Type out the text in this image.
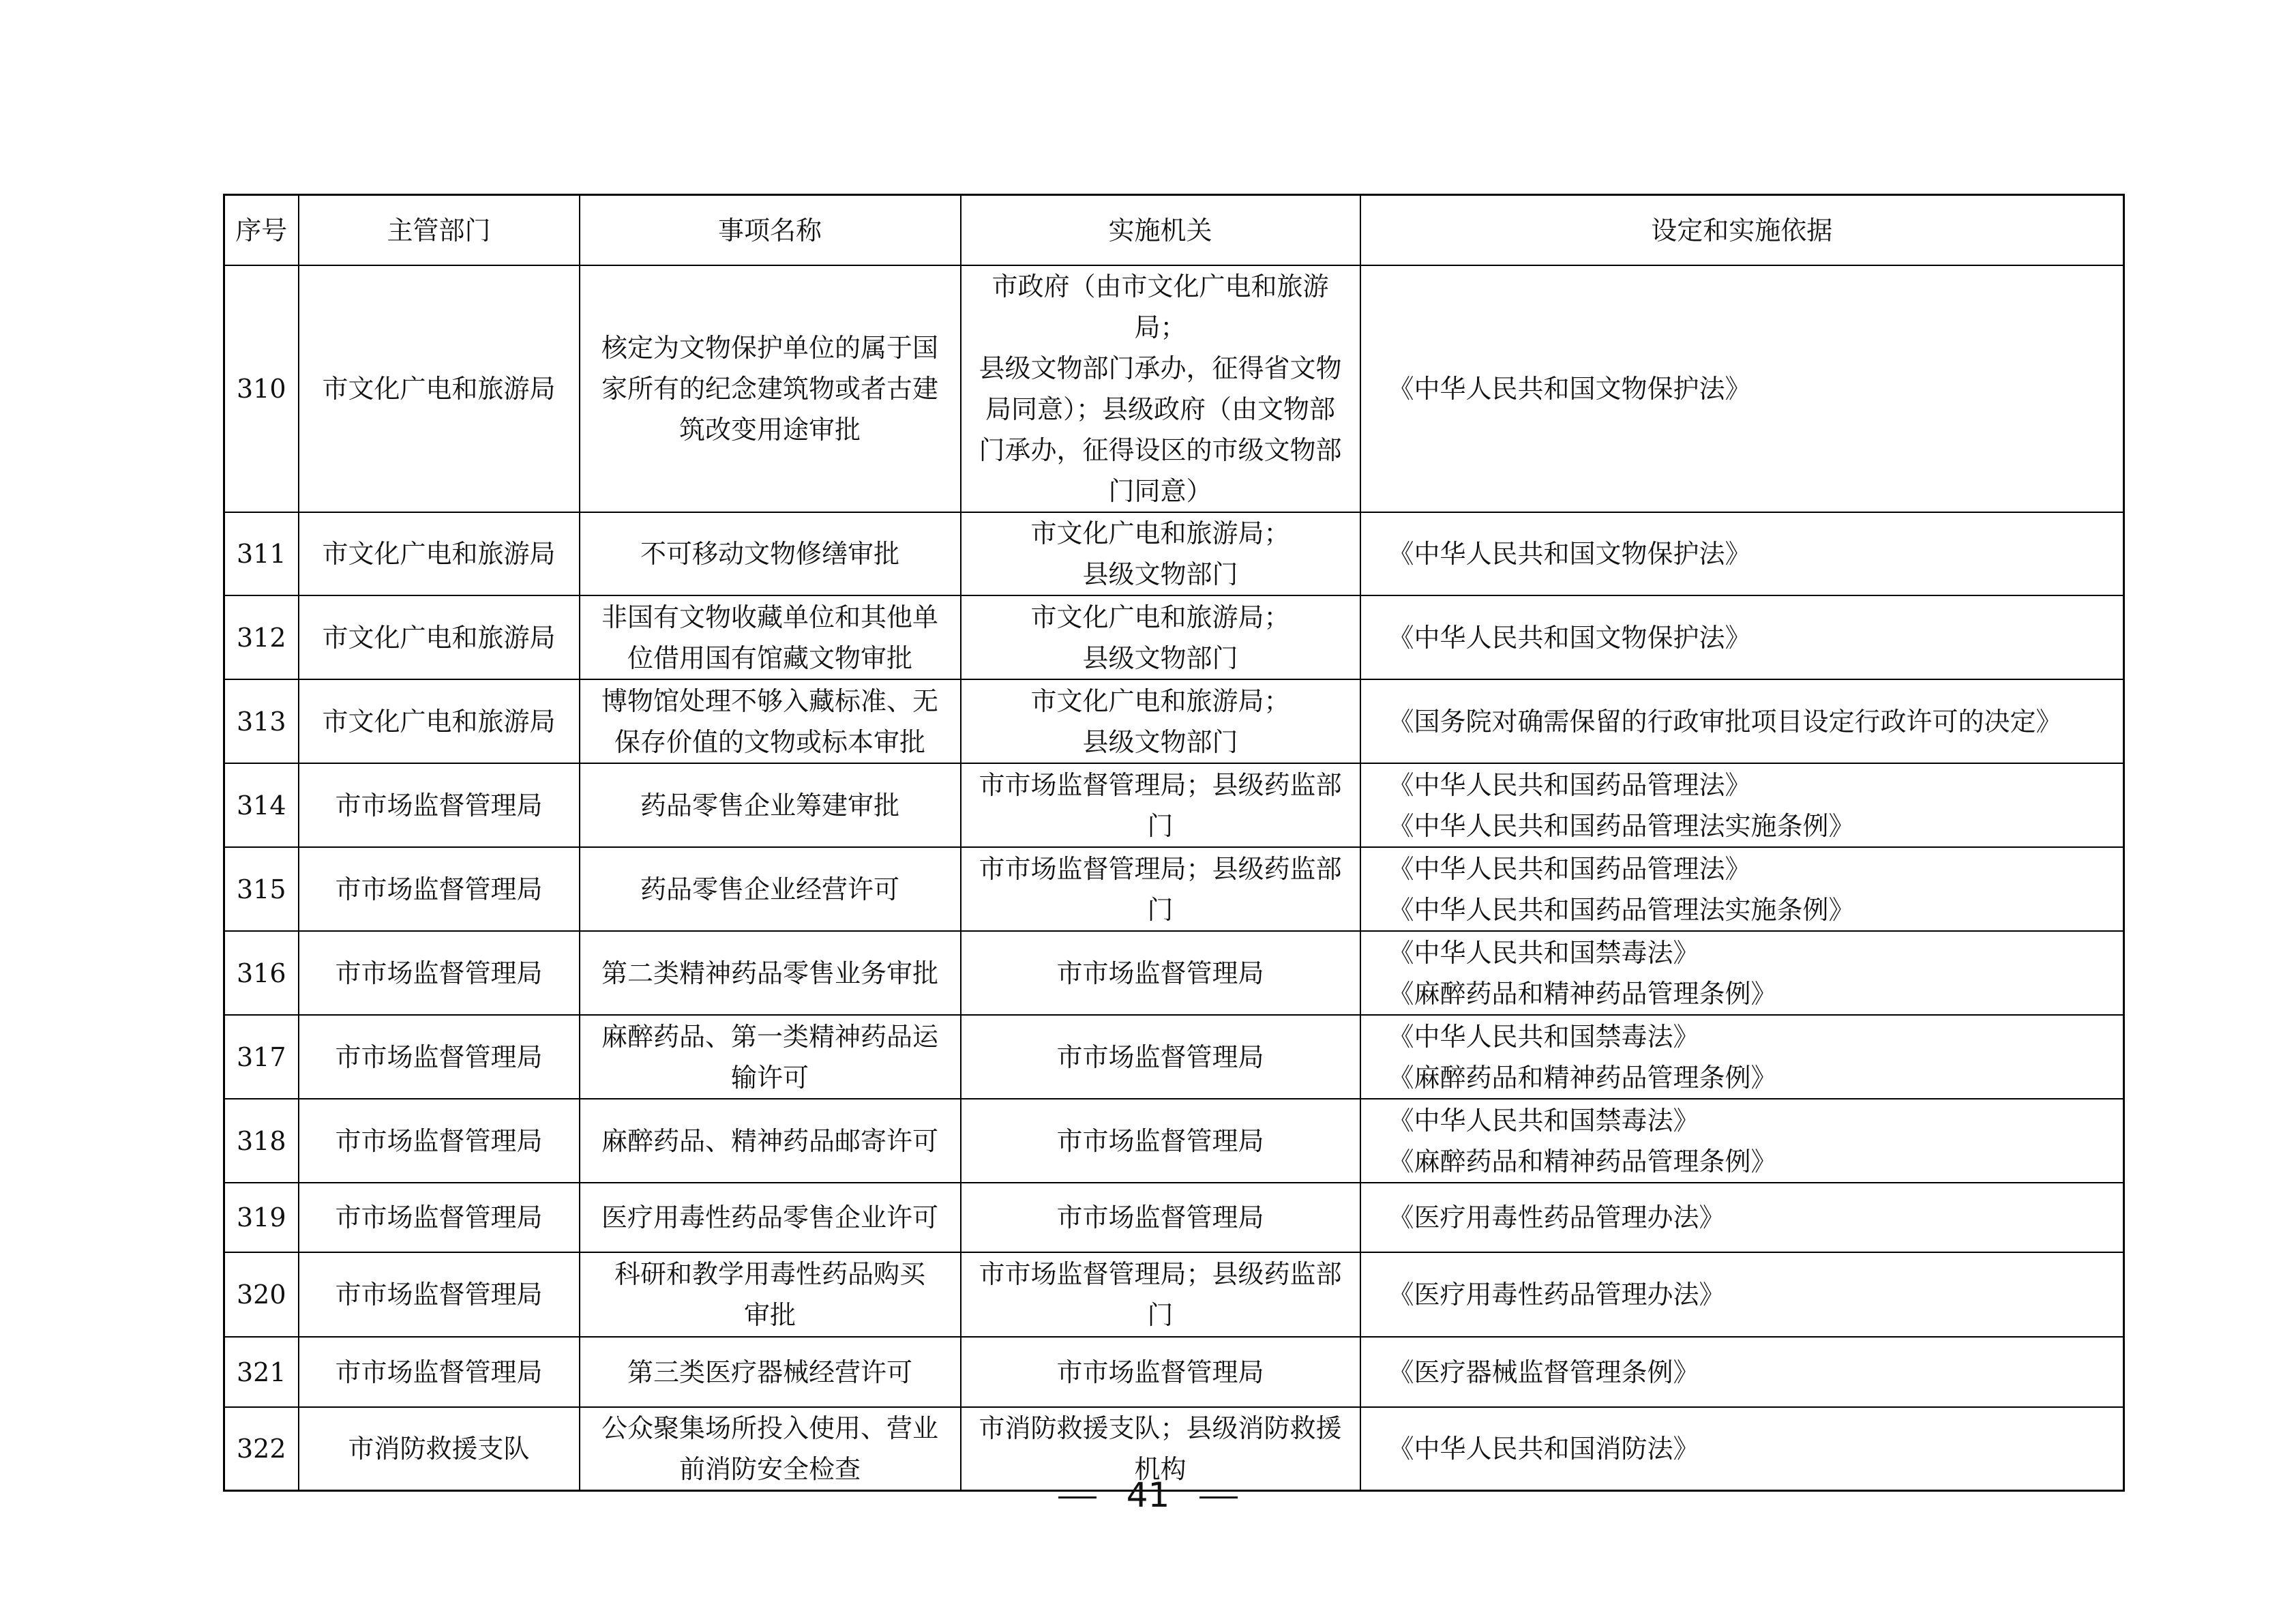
序号	主管部门	事项名称	实施机关	设定和实施依据
310	市文化广电和旅游局	核定为文物保护单位的属于国
家所有的纪念建筑物或者古建
筑改变用途审批	市政府（由市文化广电和旅游局；
县级文物部门承办，征得省文物
局同意）；县级政府（由文物部
门承办，征得设区的市级文物部
门同意）	《中华人民共和国文物保护法》

311	市文化广电和旅游局	不可移动文物修缮审批	市文化广电和旅游局；
县级文物部门	《中华人民共和国文物保护法》

312	市文化广电和旅游局	非国有文物收藏单位和其他单
位借用国有馆藏文物审批	市文化广电和旅游局；
县级文物部门	《中华人民共和国文物保护法》

313	市文化广电和旅游局	博物馆处理不够入藏标准、无
保存价值的文物或标本审批	市文化广电和旅游局；
县级文物部门	《国务院对确需保留的行政审批项目设定行政许可的决定》

314	市市场监督管理局	药品零售企业筹建审批	市市场监督管理局；县级药监部门	《中华人民共和国药品管理法》
《中华人民共和国药品管理法实施条例》

315	市市场监督管理局	药品零售企业经营许可	市市场监督管理局；县级药监部门	《中华人民共和国药品管理法》
《中华人民共和国药品管理法实施条例》

316	市市场监督管理局	第二类精神药品零售业务审批	市市场监督管理局	《中华人民共和国禁毒法》
《麻醉药品和精神药品管理条例》

317	市市场监督管理局	麻醉药品、第一类精神药品运
输许可	市市场监督管理局	《中华人民共和国禁毒法》
《麻醉药品和精神药品管理条例》

318	市市场监督管理局	麻醉药品、精神药品邮寄许可	市市场监督管理局	《中华人民共和国禁毒法》
《麻醉药品和精神药品管理条例》

319	市市场监督管理局	医疗用毒性药品零售企业许可	市市场监督管理局	《医疗用毒性药品管理办法》

320	市市场监督管理局	科研和教学用毒性药品购买
审批	市市场监督管理局；县级药监部门	《医疗用毒性药品管理办法》

321	市市场监督管理局	第三类医疗器械经营许可	市市场监督管理局	《医疗器械监督管理条例》

322	市消防救援支队	公众聚集场所投入使用、营业
前消防安全检查	市消防救援支队；县级消防救援
机构	《中华人民共和国消防法》
41
